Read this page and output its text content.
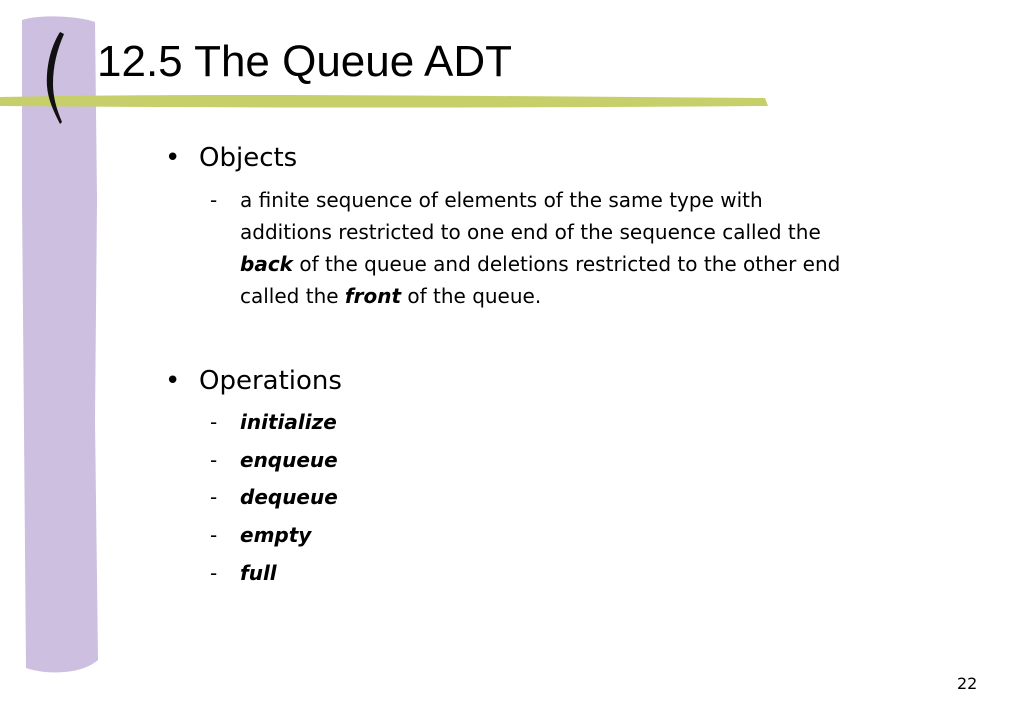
12.5 The Queue ADT
• Objects
- a finite sequence of elements of the same type with
additions restricted to one end of the sequence called the
back of the queue and deletions restricted to the other end
called the front of the queue.
• Operations
- initialize
- enqueue
- dequeue
- empty
- full
22
